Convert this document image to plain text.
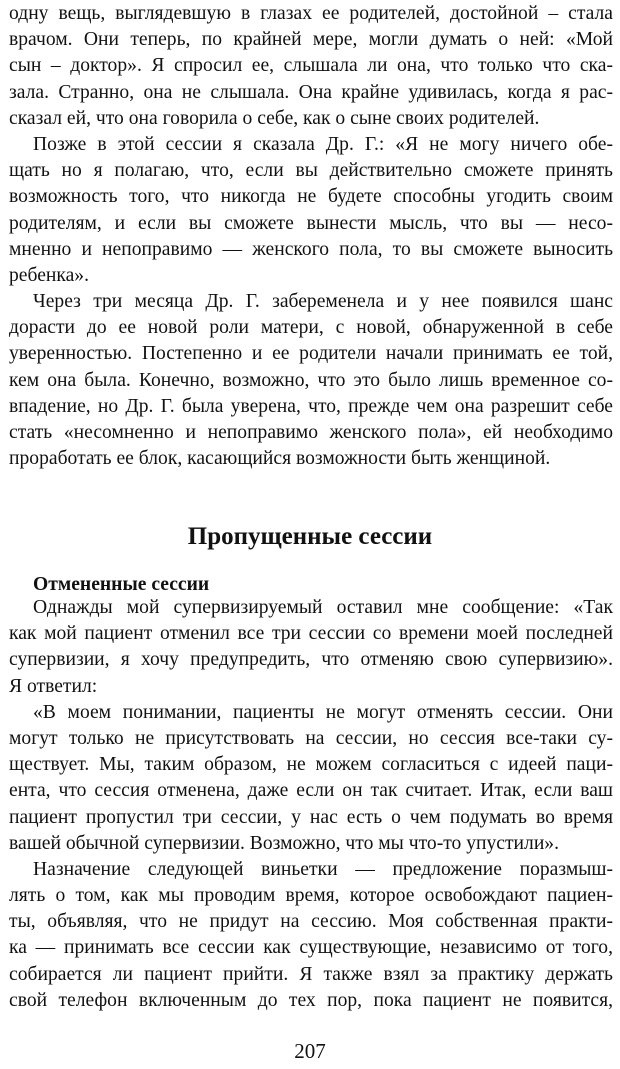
одну вещь, выглядевшую в глазах ее родителей, достойной – стала
врачом. Они теперь, по крайней мере, могли думать о ней: «Мой
сын – доктор». Я спросил ее, слышала ли она, что только что ска-
зала. Странно, она не слышала. Она крайне удивилась, когда я рас-
сказал ей, что она говорила о себе, как о сыне своих родителей.
Позже в этой сессии я сказала Др. Г.: «Я не могу ничего обе-
щать но я полагаю, что, если вы действительно сможете принять
возможность того, что никогда не будете способны угодить своим
родителям, и если вы сможете вынести мысль, что вы — несо-
мненно и непоправимо — женского пола, то вы сможете выносить
ребенка».
Через три месяца Др. Г. забеременела и у нее появился шанс
дорасти до ее новой роли матери, с новой, обнаруженной в себе
уверенностью. Постепенно и ее родители начали принимать ее той,
кем она была. Конечно, возможно, что это было лишь временное со-
впадение, но Др. Г. была уверена, что, прежде чем она разрешит себе
стать «несомненно и непоправимо женского пола», ей необходимо
проработать ее блок, касающийся возможности быть женщиной.
Пропущенные сессии
Отмененные сессии
Однажды мой супервизируемый оставил мне сообщение: «Так
как мой пациент отменил все три сессии со времени моей последней
супервизии, я хочу предупредить, что отменяю свою супервизию».
Я ответил:
«В моем понимании, пациенты не могут отменять сессии. Они
могут только не присутствовать на сессии, но сессия все-таки су-
ществует. Мы, таким образом, не можем согласиться с идеей паци-
ента, что сессия отменена, даже если он так считает. Итак, если ваш
пациент пропустил три сессии, у нас есть о чем подумать во время
вашей обычной супервизии. Возможно, что мы что-то упустили».
Назначение следующей виньетки — предложение поразмыш-
лять о том, как мы проводим время, которое освобождают пациен-
ты, объявляя, что не придут на сессию. Моя собственная практи-
ка — принимать все сессии как существующие, независимо от того,
собирается ли пациент прийти. Я также взял за практику держать
свой телефон включенным до тех пор, пока пациент не появится,
207
